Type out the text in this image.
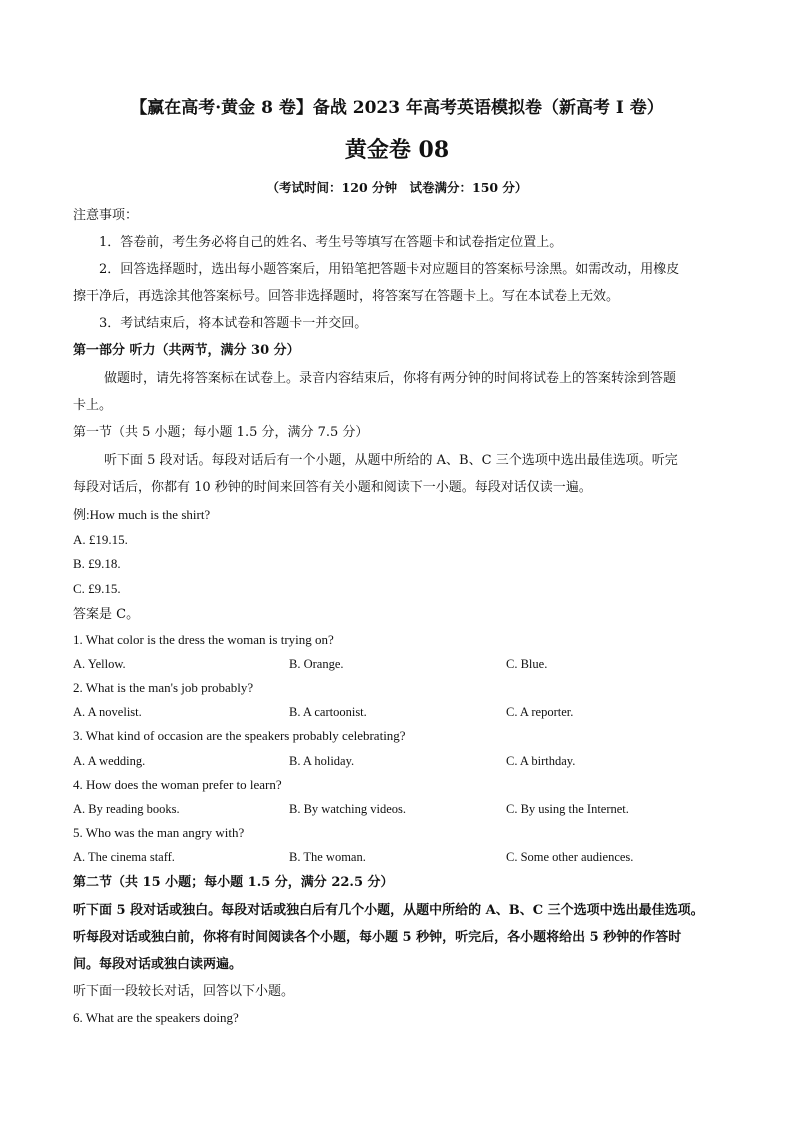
【赢在高考·黄金 8 卷】备战 2023 年高考英语模拟卷（新高考 I 卷）
黄金卷 08
（考试时间：120 分钟　试卷满分：150 分）
注意事项：
1．答卷前，考生务必将自己的姓名、考生号等填写在答题卡和试卷指定位置上。
2．回答选择题时，选出每小题答案后，用铅笔把答题卡对应题目的答案标号涂黑。如需改动，用橡皮
擦干净后，再选涂其他答案标号。回答非选择题时，将答案写在答题卡上。写在本试卷上无效。
3．考试结束后，将本试卷和答题卡一并交回。
第一部分 听力（共两节，满分 30 分）
做题时，请先将答案标在试卷上。录音内容结束后，你将有两分钟的时间将试卷上的答案转涂到答题
卡上。
第一节（共 5 小题；每小题 1.5 分，满分 7.5 分）
听下面 5 段对话。每段对话后有一个小题，从题中所给的 A、B、C 三个选项中选出最佳选项。听完
每段对话后，你都有 10 秒钟的时间来回答有关小题和阅读下一小题。每段对话仅读一遍。
例:How much is the shirt?
A. £19.15.
B. £9.18.
C. £9.15.
答案是 C。
1. What color is the dress the woman is trying on?
A. Yellow.	B. Orange.	C. Blue.
2. What is the man's job probably?
A. A novelist.	B. A cartoonist.	C. A reporter.
3. What kind of occasion are the speakers probably celebrating?
A. A wedding.	B. A holiday.	C. A birthday.
4. How does the woman prefer to learn?
A. By reading books.	B. By watching videos.	C. By using the Internet.
5. Who was the man angry with?
A. The cinema staff.	B. The woman.	C. Some other audiences.
第二节（共 15 小题；每小题 1.5 分，满分 22.5 分）
听下面 5 段对话或独白。每段对话或独白后有几个小题，从题中所给的 A、B、C 三个选项中选出最佳选项。
听每段对话或独白前，你将有时间阅读各个小题，每小题 5 秒钟，听完后，各小题将给出 5 秒钟的作答时
间。每段对话或独白读两遍。
听下面一段较长对话，回答以下小题。
6. What are the speakers doing?
